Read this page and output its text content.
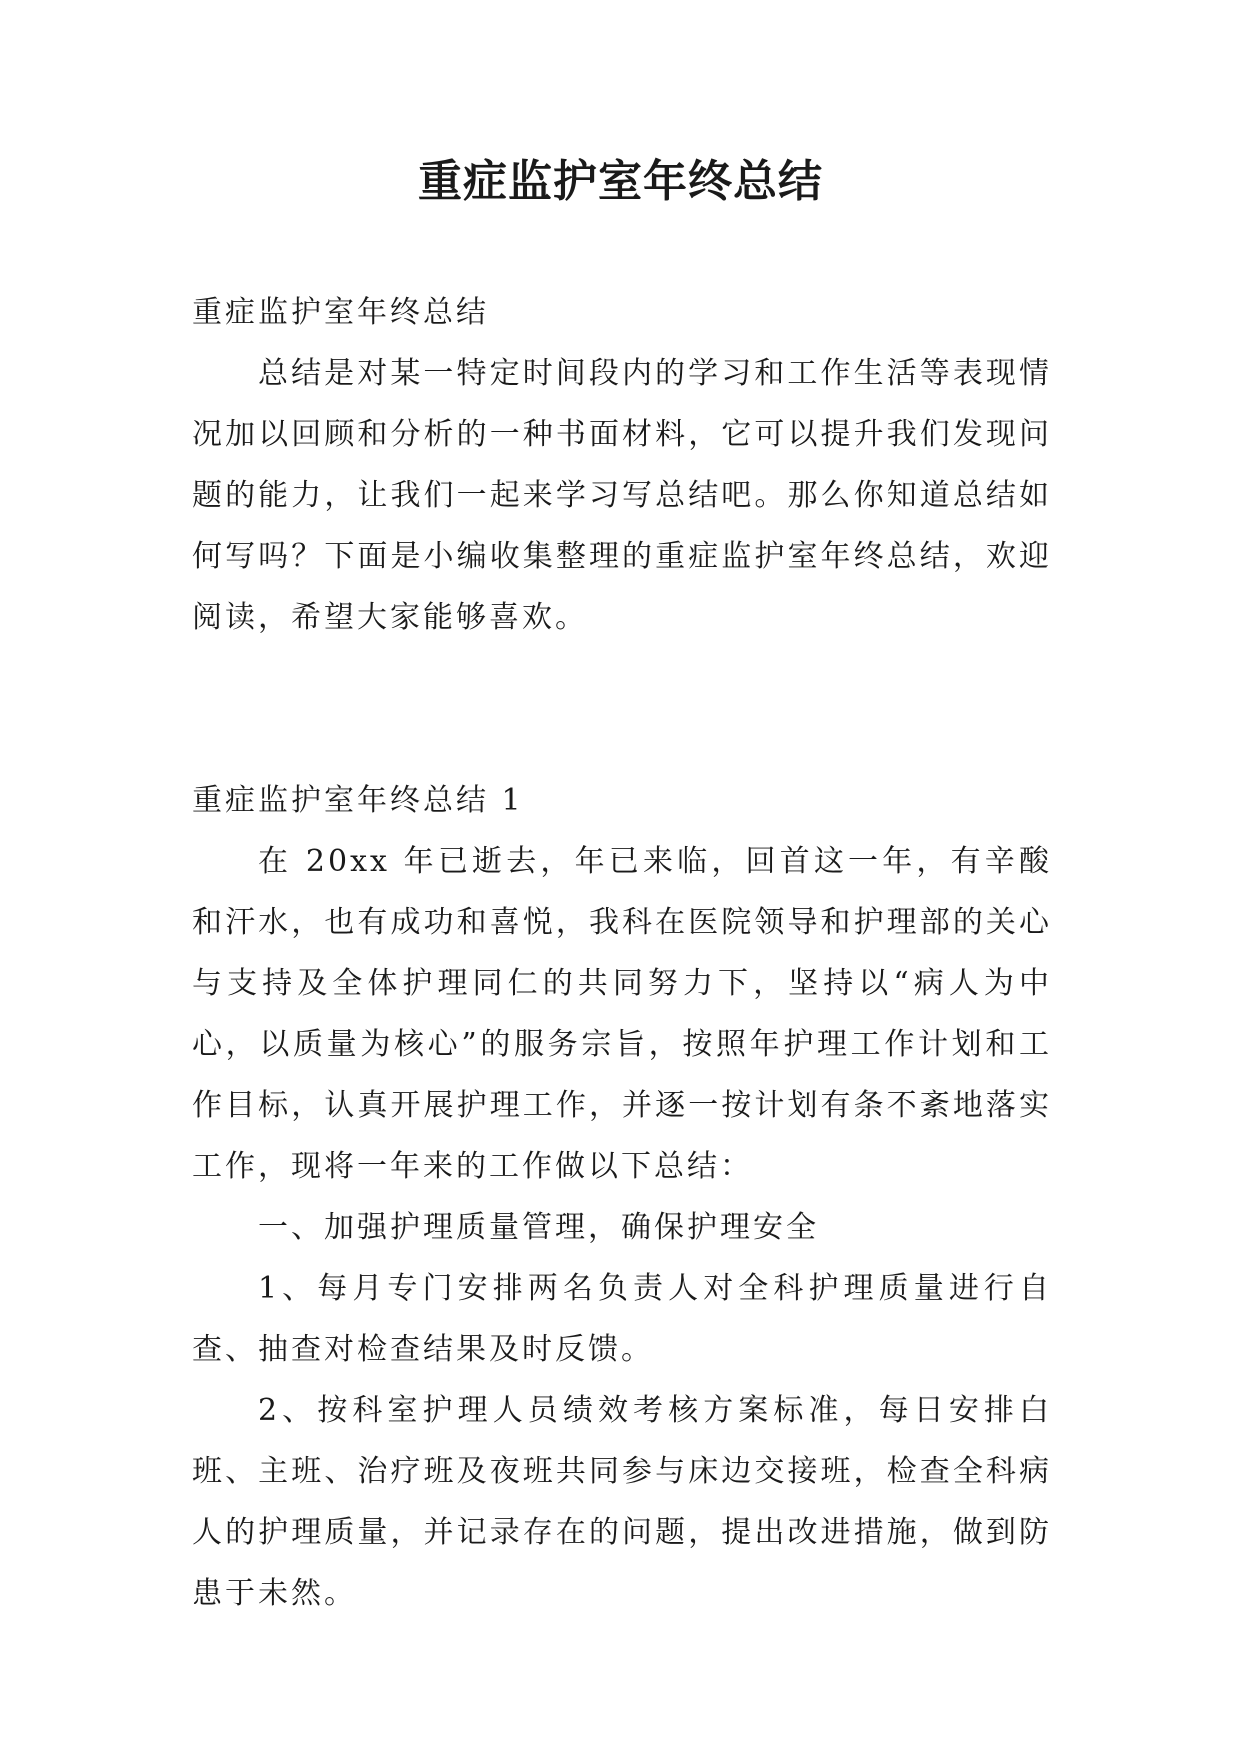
重症监护室年终总结

重症监护室年终总结

总结是对某一特定时间段内的学习和工作生活等表现情况加以回顾和分析的一种书面材料，它可以提升我们发现问题的能力，让我们一起来学习写总结吧。那么你知道总结如何写吗？下面是小编收集整理的重症监护室年终总结，欢迎阅读，希望大家能够喜欢。

重症监护室年终总结 1

在 20xx 年已逝去，年已来临，回首这一年，有辛酸和汗水，也有成功和喜悦，我科在医院领导和护理部的关心与支持及全体护理同仁的共同努力下，坚持以“病人为中心，以质量为核心”的服务宗旨，按照年护理工作计划和工作目标，认真开展护理工作，并逐一按计划有条不紊地落实工作，现将一年来的工作做以下总结：

一、加强护理质量管理，确保护理安全

1、每月专门安排两名负责人对全科护理质量进行自查、抽查对检查结果及时反馈。

2、按科室护理人员绩效考核方案标准，每日安排白班、主班、治疗班及夜班共同参与床边交接班，检查全科病人的护理质量，并记录存在的问题，提出改进措施，做到防患于未然。
